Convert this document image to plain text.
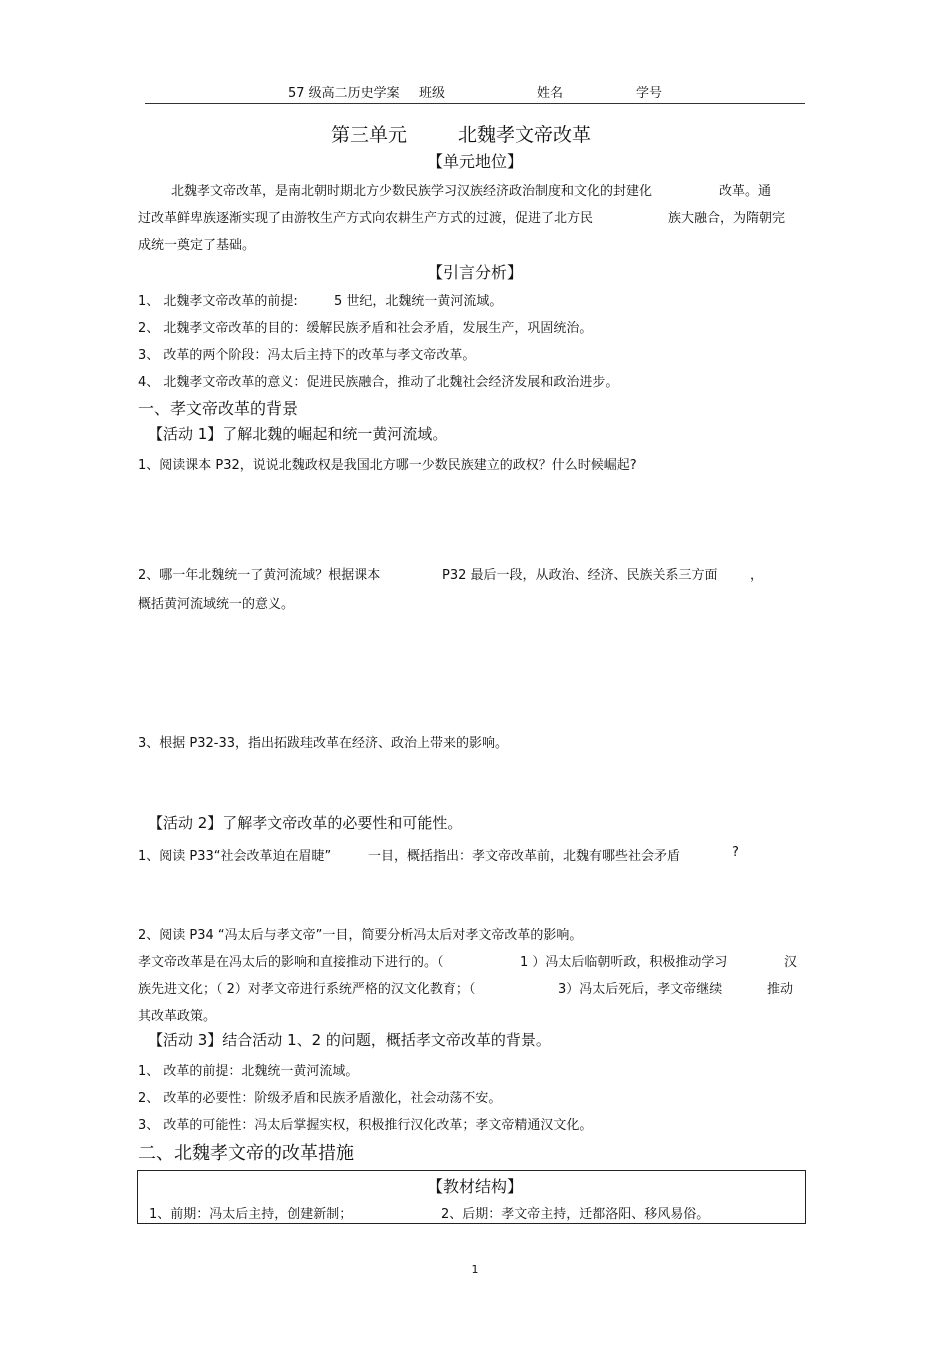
57 级高二历史学案 班级	姓名	学号
第三单元	北魏孝文帝改革
【单元地位】
北魏孝文帝改革，是南北朝时期北方少数民族学习汉族经济政治制度和文化的封建化	改革。通
过改革鲜卑族逐渐实现了由游牧生产方式向农耕生产方式的过渡，促进了北方民	族大融合，为隋朝完
成统一奠定了基础。
【引言分析】
1、 北魏孝文帝改革的前提:	5 世纪，北魏统一黄河流域。
2、 北魏孝文帝改革的目的：缓解民族矛盾和社会矛盾，发展生产，巩固统治。
3、 改革的两个阶段：冯太后主持下的改革与孝文帝改革。
4、 北魏孝文帝改革的意义：促进民族融合，推动了北魏社会经济发展和政治进步。
一、孝文帝改革的背景
【活动 1】了解北魏的崛起和统一黄河流域。
1、阅读课本 P32，说说北魏政权是我国北方哪一少数民族建立的政权？什么时候崛起?
2、哪一年北魏统一了黄河流域？根据课本	P32 最后一段，从政治、经济、民族关系三方面 ，
概括黄河流域统一的意义。
3、根据 P32-33，指出拓跋珪改革在经济、政治上带来的影响。
【活动 2】了解孝文帝改革的必要性和可能性。
1、阅读 P33“社会改革迫在眉睫”	一目，概括指出：孝文帝改革前，北魏有哪些社会矛盾	?
2、阅读 P34 “冯太后与孝文帝”一目，简要分析冯太后对孝文帝改革的影响。
孝文帝改革是在冯太后的影响和直接推动下进行的。（	1 ）冯太后临朝听政，积极推动学习	汉
族先进文化；（ 2）对孝文帝进行系统严格的汉文化教育；（	3）冯太后死后，孝文帝继续	推动
其改革政策。
【活动 3】结合活动 1、2 的问题，概括孝文帝改革的背景。
1、 改革的前提：北魏统一黄河流域。
2、 改革的必要性：阶级矛盾和民族矛盾激化，社会动荡不安。
3、 改革的可能性：冯太后掌握实权，积极推行汉化改革；孝文帝精通汉文化。
二、北魏孝文帝的改革措施
【教材结构】
1、前期：冯太后主持，创建新制；	2、后期：孝文帝主持，迁都洛阳、移风易俗。
1
